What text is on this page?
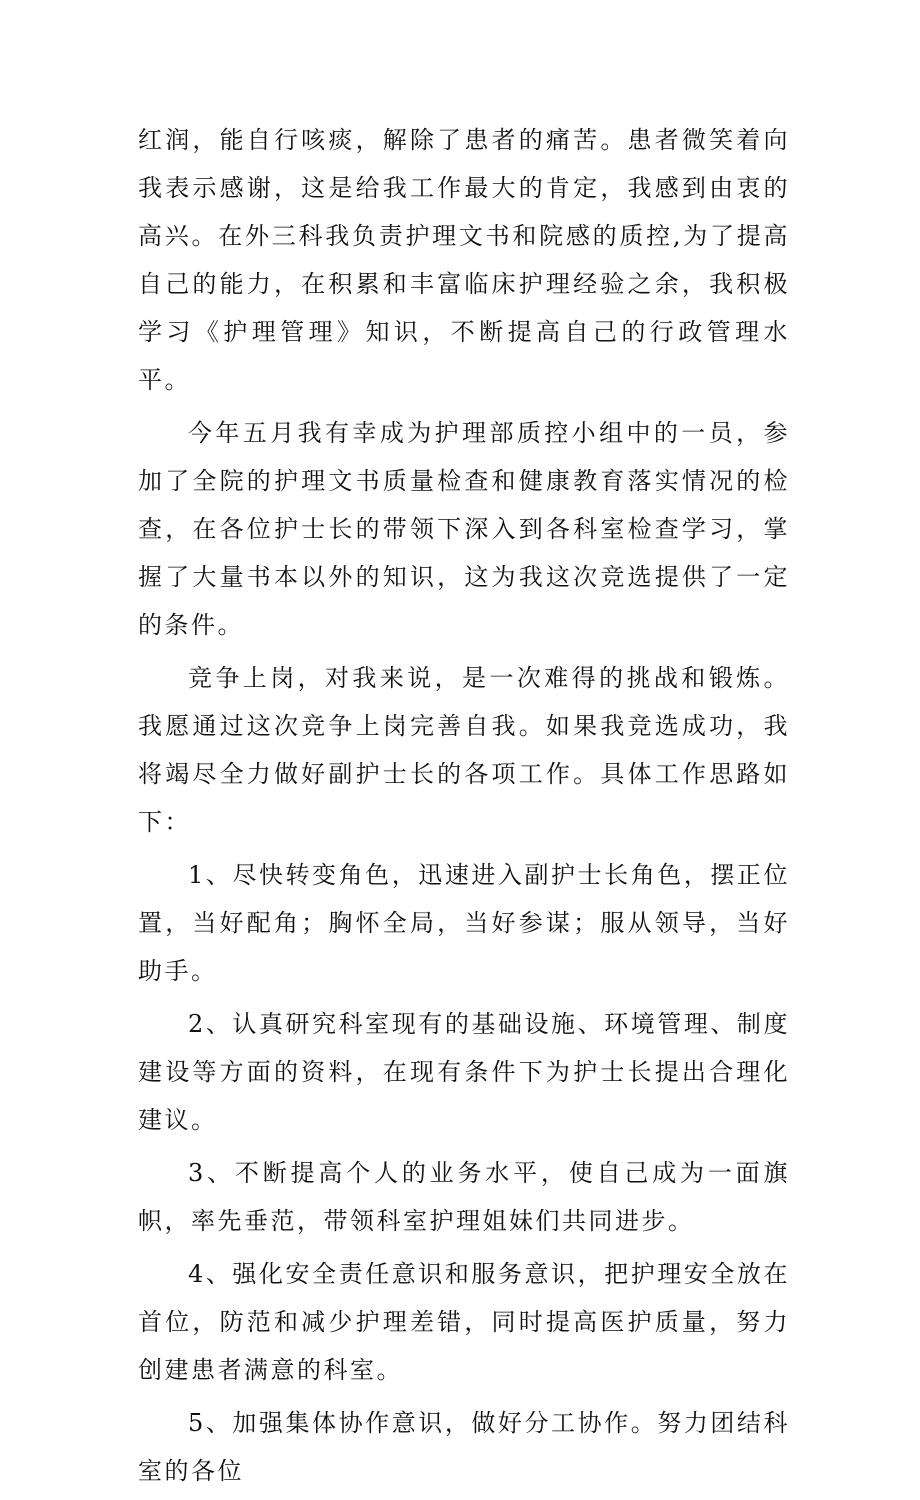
红润，能自行咳痰，解除了患者的痛苦。患者微笑着向我表示感谢，这是给我工作最大的肯定，我感到由衷的高兴。在外三科我负责护理文书和院感的质控,为了提高自己的能力，在积累和丰富临床护理经验之余，我积极学习《护理管理》知识，不断提高自己的行政管理水平。

今年五月我有幸成为护理部质控小组中的一员，参加了全院的护理文书质量检查和健康教育落实情况的检查，在各位护士长的带领下深入到各科室检查学习，掌握了大量书本以外的知识，这为我这次竞选提供了一定的条件。

竞争上岗，对我来说，是一次难得的挑战和锻炼。我愿通过这次竞争上岗完善自我。如果我竞选成功，我将竭尽全力做好副护士长的各项工作。具体工作思路如下：

1、尽快转变角色，迅速进入副护士长角色，摆正位置，当好配角；胸怀全局，当好参谋；服从领导，当好助手。

2、认真研究科室现有的基础设施、环境管理、制度建设等方面的资料，在现有条件下为护士长提出合理化建议。

3、不断提高个人的业务水平，使自己成为一面旗帜，率先垂范，带领科室护理姐妹们共同进步。

4、强化安全责任意识和服务意识，把护理安全放在首位，防范和减少护理差错，同时提高医护质量，努力创建患者满意的科室。

5、加强集体协作意识，做好分工协作。努力团结科室的各位
